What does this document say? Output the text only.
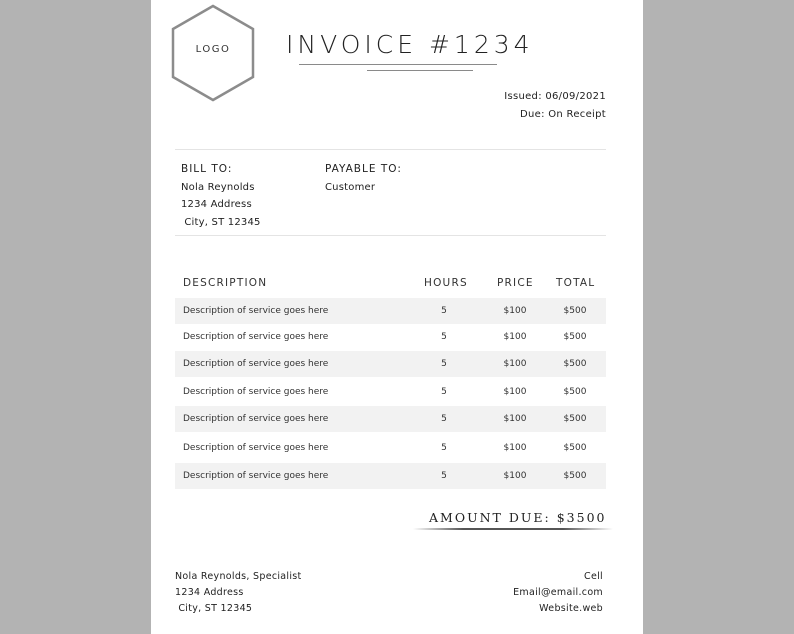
LOGO	INVOICE #1234
Issued: 06/09/2021
Due: On Receipt
BILL TO:
Nola Reynolds
1234 Address
City, ST 12345
PAYABLE TO:
Customer
DESCRIPTION	HOURS	PRICE TOTAL
Description of service goes here	5	$100	$500
Description of service goes here	5	$100	$500
Description of service goes here	5	$100	$500
Description of service goes here	5	$100	$500
Description of service goes here	5	$100	$500
Description of service goes here	5	$100	$500
Description of service goes here	5	$100	$500
AMOUNT DUE: $3500
Nola Reynolds, Specialist
1234 Address
City, ST 12345
Cell
Email@email.com
Website.web
